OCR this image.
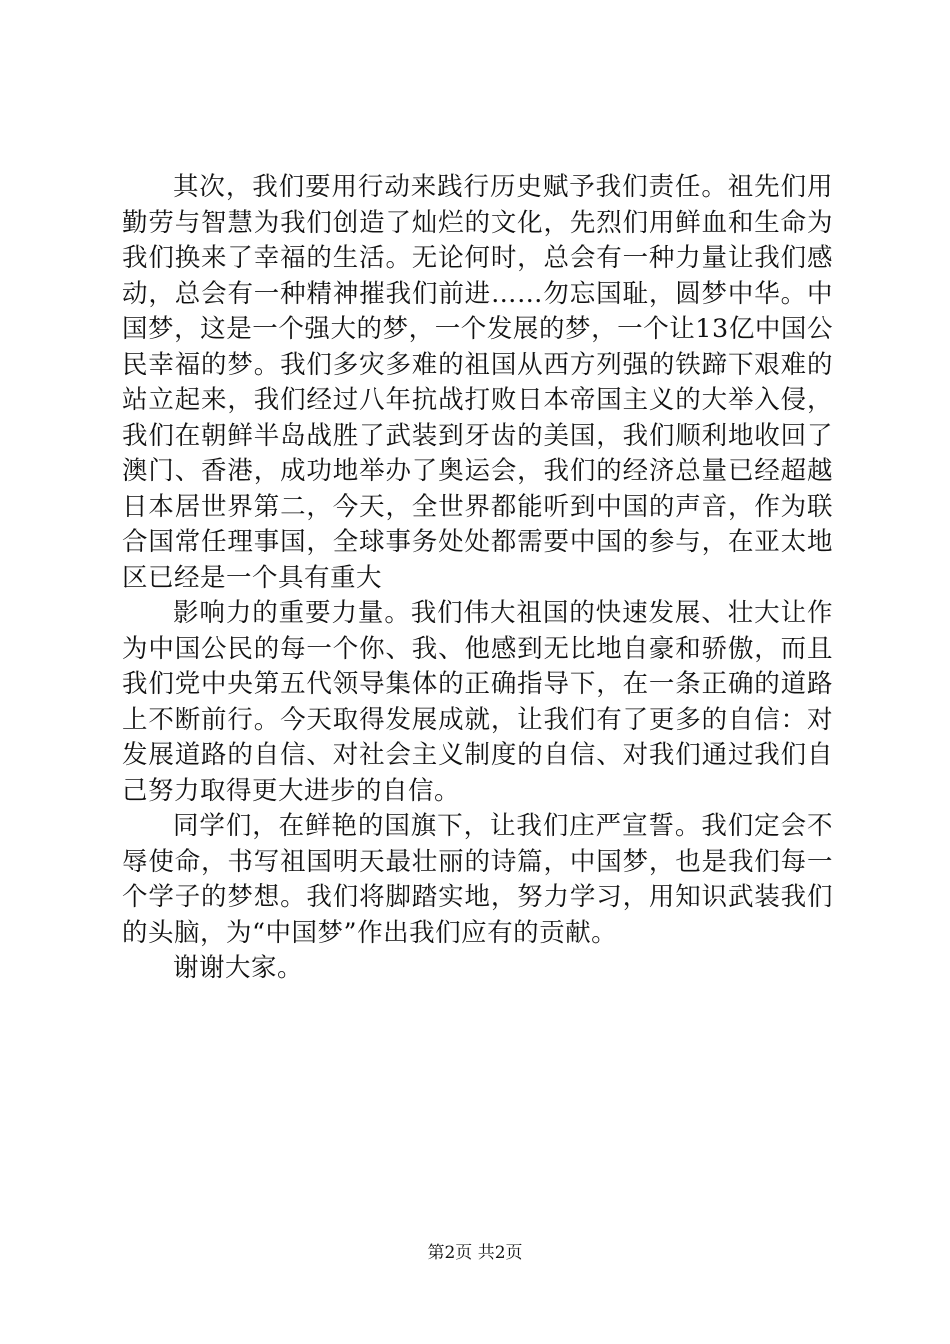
其次，我们要用行动来践行历史赋予我们责任。祖先们用勤劳与智慧为我们创造了灿烂的文化，先烈们用鲜血和生命为我们换来了幸福的生活。无论何时，总会有一种力量让我们感动，总会有一种精神摧我们前进……勿忘国耻，圆梦中华。中国梦，这是一个强大的梦，一个发展的梦，一个让13亿中国公民幸福的梦。我们多灾多难的祖国从西方列强的铁蹄下艰难的站立起来，我们经过八年抗战打败日本帝国主义的大举入侵，我们在朝鲜半岛战胜了武装到牙齿的美国，我们顺利地收回了澳门、香港，成功地举办了奥运会，我们的经济总量已经超越日本居世界第二，今天，全世界都能听到中国的声音，作为联合国常任理事国，全球事务处处都需要中国的参与，在亚太地区已经是一个具有重大

影响力的重要力量。我们伟大祖国的快速发展、壮大让作为中国公民的每一个你、我、他感到无比地自豪和骄傲，而且我们党中央第五代领导集体的正确指导下，在一条正确的道路上不断前行。今天取得发展成就，让我们有了更多的自信：对发展道路的自信、对社会主义制度的自信、对我们通过我们自己努力取得更大进步的自信。

同学们，在鲜艳的国旗下，让我们庄严宣誓。我们定会不辱使命，书写祖国明天最壮丽的诗篇，中国梦，也是我们每一个学子的梦想。我们将脚踏实地，努力学习，用知识武装我们的头脑，为“中国梦”作出我们应有的贡献。

谢谢大家。

第2页 共2页
